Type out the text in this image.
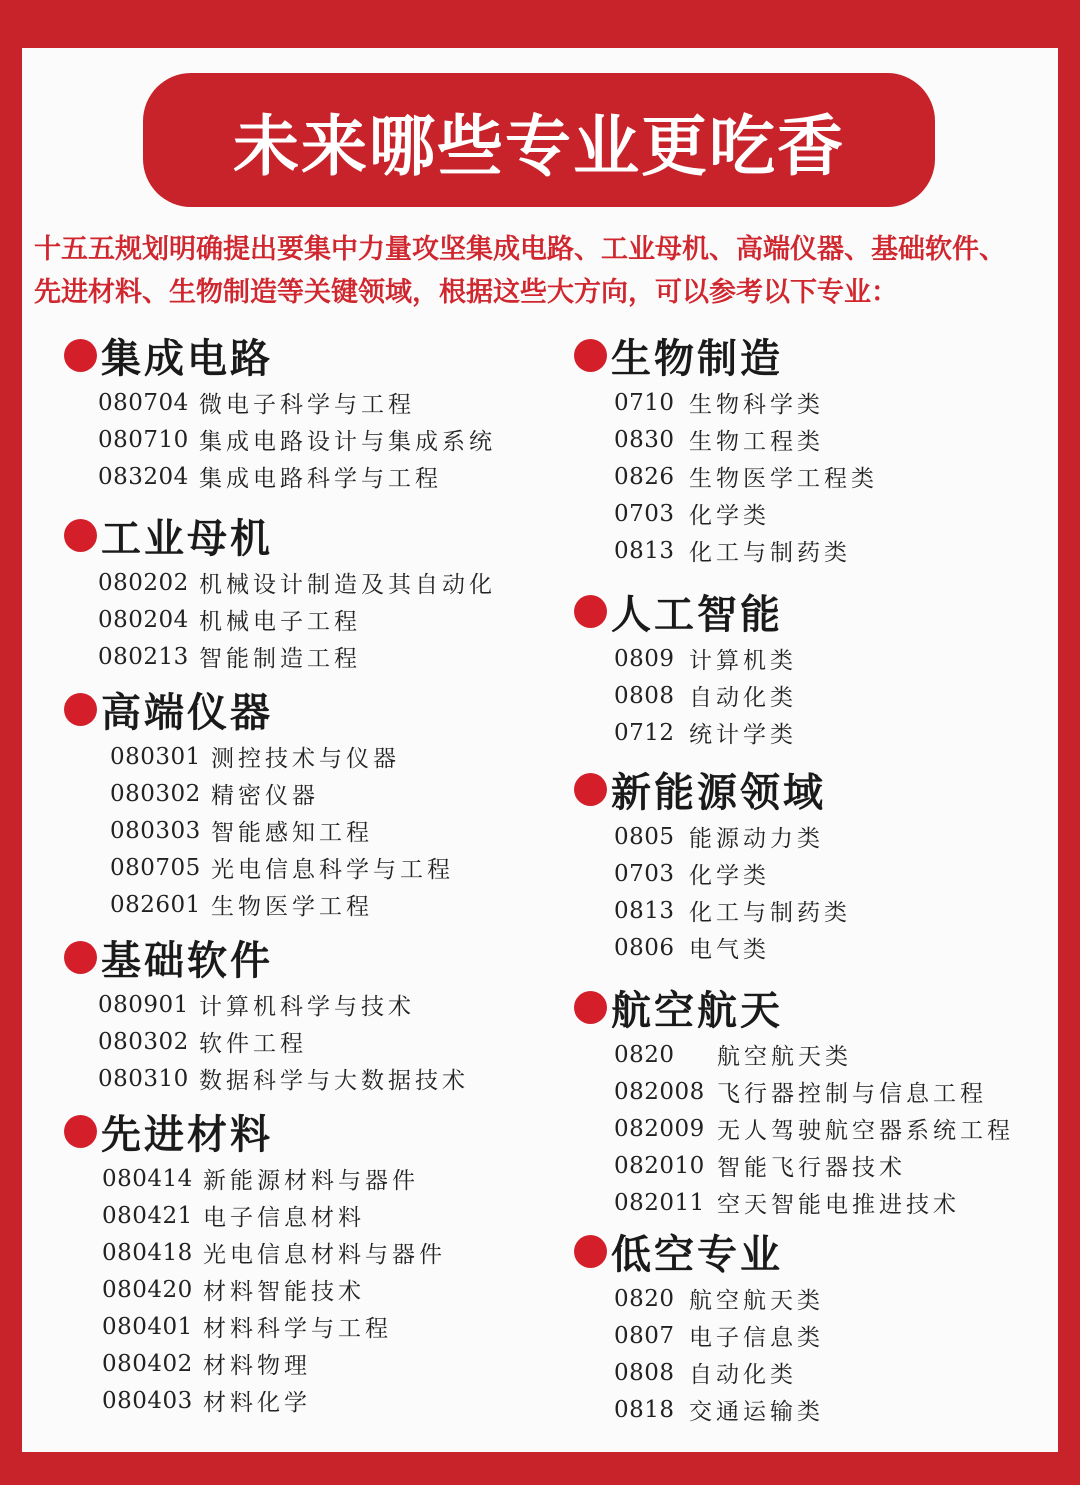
未来哪些专业更吃香
十五五规划明确提出要集中力量攻坚集成电路、工业母机、高端仪器、基础软件、
先进材料、生物制造等关键领域，根据这些大方向，可以参考以下专业：
集成电路
080704 微电子科学与工程
080710 集成电路设计与集成系统
083204 集成电路科学与工程
工业母机
080202 机械设计制造及其自动化
080204 机械电子工程
080213 智能制造工程
高端仪器
080301 测控技术与仪器
080302 精密仪器
080303 智能感知工程
080705 光电信息科学与工程
082601 生物医学工程
基础软件
080901 计算机科学与技术
080302 软件工程
080310 数据科学与大数据技术
先进材料
080414 新能源材料与器件
080421 电子信息材料
080418 光电信息材料与器件
080420 材料智能技术
080401 材料科学与工程
080402 材料物理
080403 材料化学
生物制造
0710 生物科学类
0830 生物工程类
0826 生物医学工程类
0703 化学类
0813 化工与制药类
人工智能
0809 计算机类
0808 自动化类
0712 统计学类
新能源领域
0805 能源动力类
0703 化学类
0813 化工与制药类
0806 电气类
航空航天
0820	航空航天类
082008 飞行器控制与信息工程
082009 无人驾驶航空器系统工程
082010 智能飞行器技术
082011 空天智能电推进技术
低空专业
0820 航空航天类
0807 电子信息类
0808 自动化类
0818 交通运输类
